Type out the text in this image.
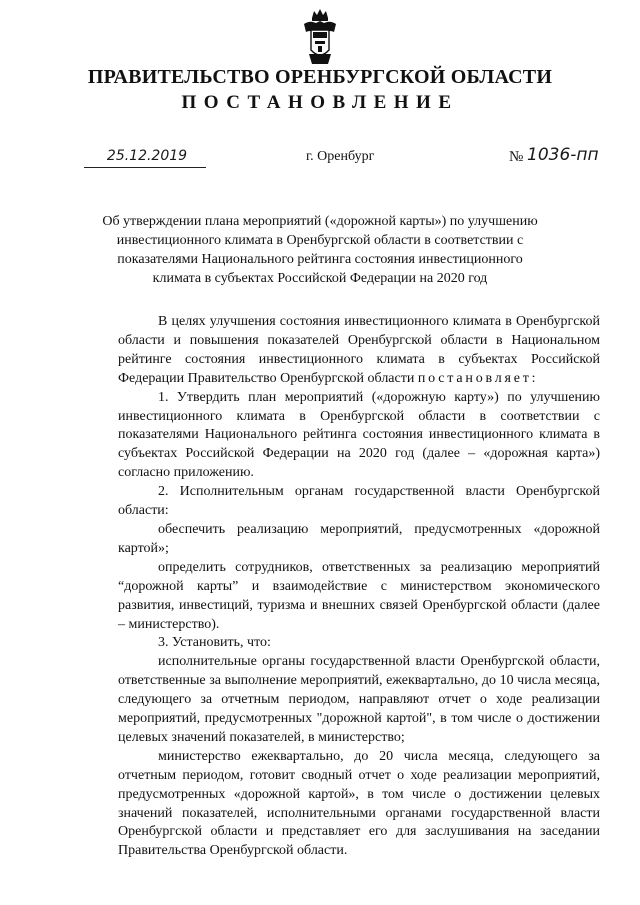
ПРАВИТЕЛЬСТВО ОРЕНБУРГСКОЙ ОБЛАСТИ
ПОСТАНОВЛЕНИЕ
25.12.2019	г. Оренбург	№ 1036-пп
Об утверждении плана мероприятий («дорожной карты») по улучшению инвестиционного климата в Оренбургской области в соответствии с показателями Национального рейтинга состояния инвестиционного климата в субъектах Российской Федерации на 2020 год

В целях улучшения состояния инвестиционного климата в Оренбургской области и повышения показателей Оренбургской области в Национальном рейтинге состояния инвестиционного климата в субъектах Российской Федерации Правительство Оренбургской области постановляет:

1. Утвердить план мероприятий («дорожную карту») по улучшению инвестиционного климата в Оренбургской области в соответствии с показателями Национального рейтинга состояния инвестиционного климата в субъектах Российской Федерации на 2020 год (далее – «дорожная карта») согласно приложению.

2. Исполнительным органам государственной власти Оренбургской области:

обеспечить реализацию мероприятий, предусмотренных «дорожной картой»;

определить сотрудников, ответственных за реализацию мероприятий “дорожной карты” и взаимодействие с министерством экономического развития, инвестиций, туризма и внешних связей Оренбургской области (далее – министерство).

3. Установить, что:

исполнительные органы государственной власти Оренбургской области, ответственные за выполнение мероприятий, ежеквартально, до 10 числа месяца, следующего за отчетным периодом, направляют отчет о ходе реализации мероприятий, предусмотренных "дорожной картой", в том числе о достижении целевых значений показателей, в министерство;

министерство ежеквартально, до 20 числа месяца, следующего за отчетным периодом, готовит сводный отчет о ходе реализации мероприятий, предусмотренных «дорожной картой», в том числе о достижении целевых значений показателей, исполнительными органами государственной власти Оренбургской области и представляет его для заслушивания на заседании Правительства Оренбургской области.
